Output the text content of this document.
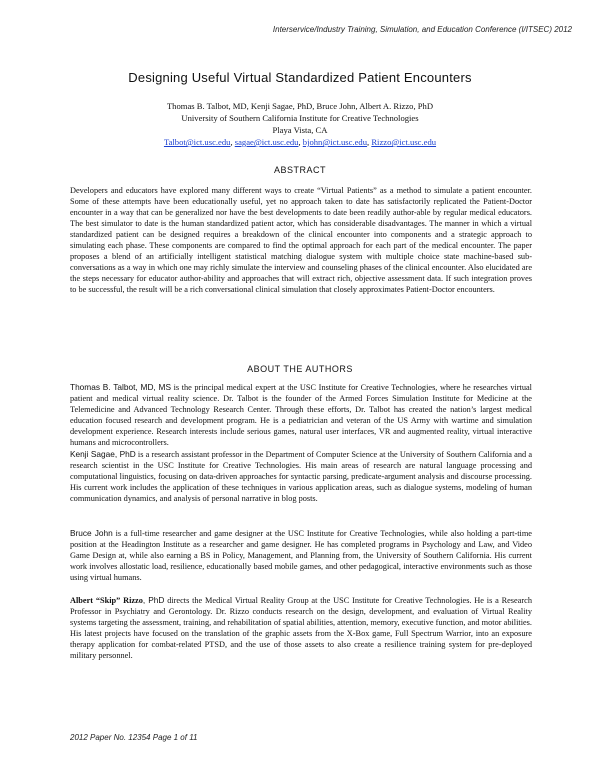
Interservice/Industry Training, Simulation, and Education Conference (I/ITSEC) 2012
Designing Useful Virtual Standardized Patient Encounters
Thomas B. Talbot, MD, Kenji Sagae, PhD, Bruce John, Albert A. Rizzo, PhD
University of Southern California Institute for Creative Technologies
Playa Vista, CA
Talbot@ict.usc.edu, sagae@ict.usc.edu, bjohn@ict.usc.edu, Rizzo@ict.usc.edu
ABSTRACT

Developers and educators have explored many different ways to create “Virtual Patients” as a method to simulate a patient encounter. Some of these attempts have been educationally useful, yet no approach taken to date has satisfactorily replicated the Patient-Doctor encounter in a way that can be generalized nor have the best developments to date been readily author-able by regular medical educators. The best simulator to date is the human standardized patient actor, which has considerable disadvantages. The manner in which a virtual standardized patient can be designed requires a breakdown of the clinical encounter into components and a strategic approach to simulating each phase. These components are compared to find the optimal approach for each part of the medical encounter. The paper proposes a blend of an artificially intelligent statistical matching dialogue system with multiple choice state machine-based sub-conversations as a way in which one may richly simulate the interview and counseling phases of the clinical encounter. Also elucidated are the steps necessary for educator author-ability and approaches that will extract rich, objective assessment data. If such integration proves to be successful, the result will be a rich conversational clinical simulation that closely approximates Patient-Doctor encounters.

ABOUT THE AUTHORS

Thomas B. Talbot, MD, MS is the principal medical expert at the USC Institute for Creative Technologies, where he researches virtual patient and medical virtual reality science. Dr. Talbot is the founder of the Armed Forces Simulation Institute for Medicine at the Telemedicine and Advanced Technology Research Center. Through these efforts, Dr. Talbot has created the nation’s largest medical education focused research and development program. He is a pediatrician and veteran of the US Army with wartime and simulation development experience. Research interests include serious games, natural user interfaces, VR and augmented reality, virtual interactive humans and microcontrollers.

Kenji Sagae, PhD is a research assistant professor in the Department of Computer Science at the University of Southern California and a research scientist in the USC Institute for Creative Technologies. His main areas of research are natural language processing and computational linguistics, focusing on data-driven approaches for syntactic parsing, predicate-argument analysis and discourse processing. His current work includes the application of these techniques in various application areas, such as dialogue systems, modeling of human communication dynamics, and analysis of personal narrative in blog posts.

Bruce John is a full-time researcher and game designer at the USC Institute for Creative Technologies, while also holding a part-time position at the Headington Institute as a researcher and game designer. He has completed programs in Psychology and Law, and Video Game Design at, while also earning a BS in Policy, Management, and Planning from, the University of Southern California. His current work involves allostatic load, resilience, educationally based mobile games, and other pedagogical, interactive environments such as those using virtual humans.

Albert “Skip” Rizzo, PhD directs the Medical Virtual Reality Group at the USC Institute for Creative Technologies. He is a Research Professor in Psychiatry and Gerontology. Dr. Rizzo conducts research on the design, development, and evaluation of Virtual Reality systems targeting the assessment, training, and rehabilitation of spatial abilities, attention, memory, executive function, and motor abilities. His latest projects have focused on the translation of the graphic assets from the X-Box game, Full Spectrum Warrior, into an exposure therapy application for combat-related PTSD, and the use of those assets to also create a resilience training system for pre-deployed military personnel.

2012 Paper No. 12354 Page 1 of 11
